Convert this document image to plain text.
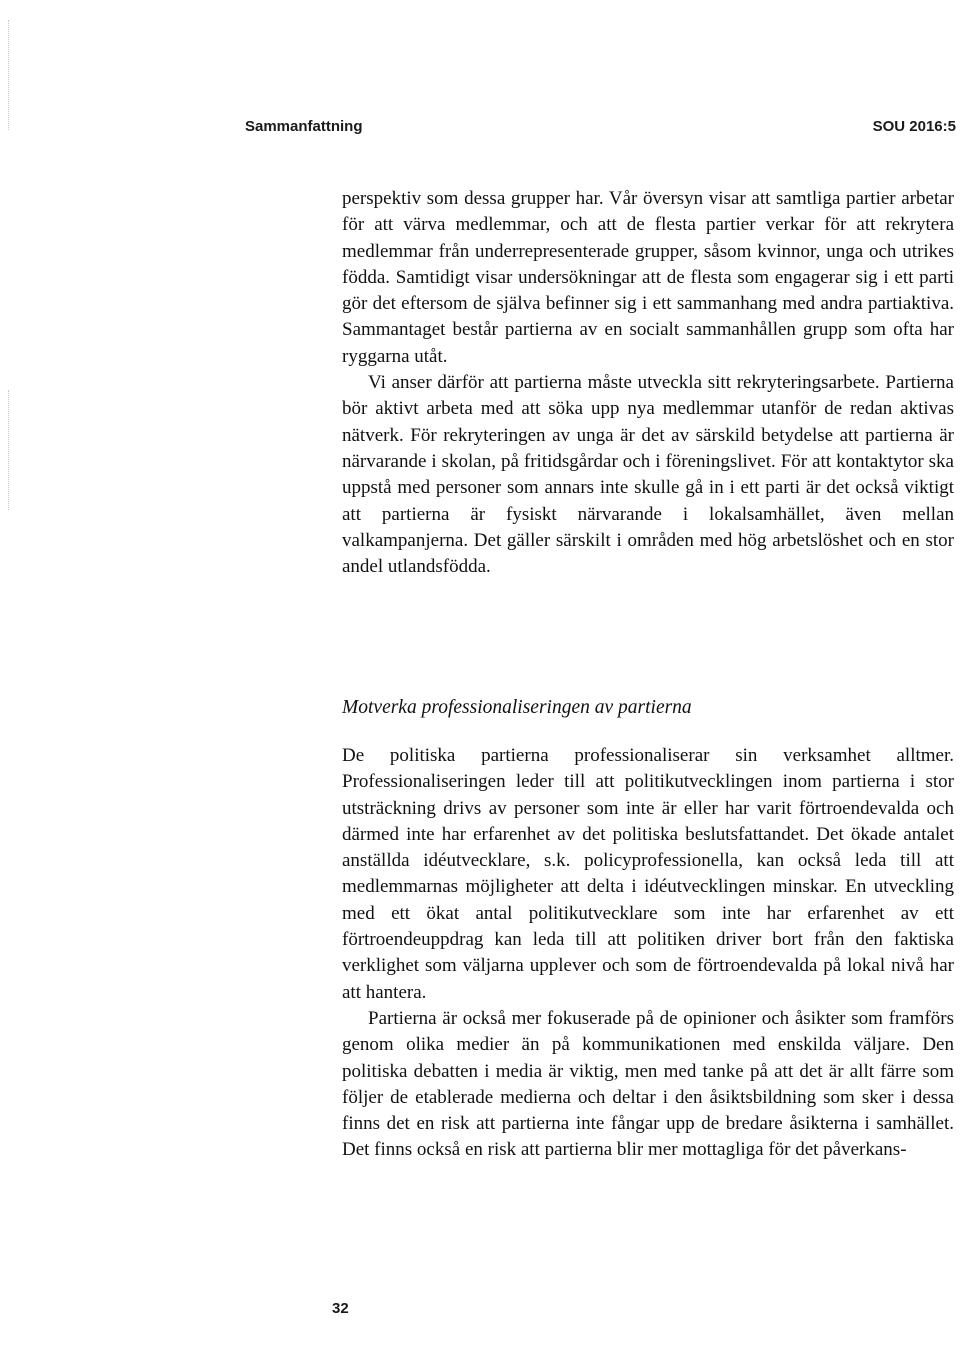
Sammanfattning	SOU 2016:5

perspektiv som dessa grupper har. Vår översyn visar att samtliga partier arbetar för att värva medlemmar, och att de flesta partier verkar för att rekrytera medlemmar från underrepresenterade grupper, såsom kvinnor, unga och utrikes födda. Samtidigt visar undersökningar att de flesta som engagerar sig i ett parti gör det eftersom de själva befinner sig i ett sammanhang med andra partiaktiva. Sammantaget består partierna av en socialt sammanhållen grupp som ofta har ryggarna utåt.

Vi anser därför att partierna måste utveckla sitt rekryteringsarbete. Partierna bör aktivt arbeta med att söka upp nya medlemmar utanför de redan aktivas nätverk. För rekryteringen av unga är det av särskild betydelse att partierna är närvarande i skolan, på fritidsgårdar och i föreningslivet. För att kontaktytor ska uppstå med personer som annars inte skulle gå in i ett parti är det också viktigt att partierna är fysiskt närvarande i lokalsamhället, även mellan valkampanjerna. Det gäller särskilt i områden med hög arbetslöshet och en stor andel utlandsfödda.

Motverka professionaliseringen av partierna

De politiska partierna professionaliserar sin verksamhet alltmer. Professionaliseringen leder till att politikutvecklingen inom partierna i stor utsträckning drivs av personer som inte är eller har varit förtroendevalda och därmed inte har erfarenhet av det politiska beslutsfattandet. Det ökade antalet anställda idéutvecklare, s.k. policyprofessionella, kan också leda till att medlemmarnas möjligheter att delta i idéutvecklingen minskar. En utveckling med ett ökat antal politikutvecklare som inte har erfarenhet av ett förtroendeuppdrag kan leda till att politiken driver bort från den faktiska verklighet som väljarna upplever och som de förtroendevalda på lokal nivå har att hantera.

Partierna är också mer fokuserade på de opinioner och åsikter som framförs genom olika medier än på kommunikationen med enskilda väljare. Den politiska debatten i media är viktig, men med tanke på att det är allt färre som följer de etablerade medierna och deltar i den åsiktsbildning som sker i dessa finns det en risk att partierna inte fångar upp de bredare åsikterna i samhället. Det finns också en risk att partierna blir mer mottagliga för det påverkans-

32
